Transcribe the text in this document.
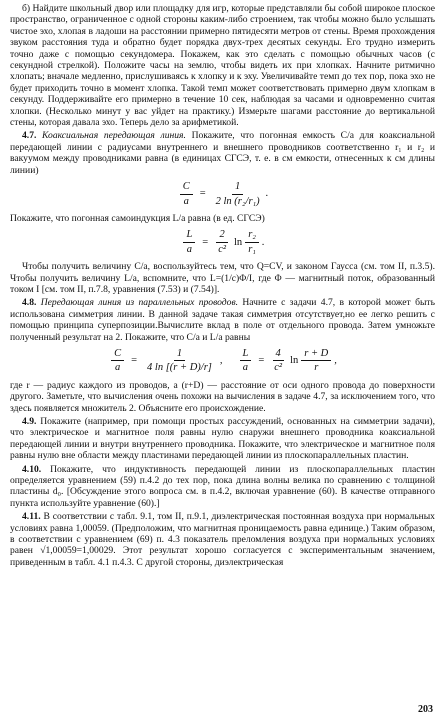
б) Найдите школьный двор или площадку для игр, которые представляли бы собой широкое плоское пространство, ограниченное с одной стороны каким-либо строением, так чтобы можно было услышать чистое эхо, хлопая в ладоши на расстоянии примерно пятидесяти метров от стены. Время прохождения звуком расстояния туда и обратно будет порядка двух-трех десятых секунды. Его трудно измерить точно даже с помощью секундомера. Покажем, как это сделать с помощью обычных часов (с секундной стрелкой). Положите часы на землю, чтобы видеть их при хлопках. Начните ритмично хлопать; вначале медленно, прислушиваясь к хлопку и к эху. Увеличивайте темп до тех пор, пока эхо не будет приходить точно в момент хлопка. Такой темп может соответствовать примерно двум хлопкам в секунду. Поддерживайте его примерно в течение 10 сек, наблюдая за часами и одновременно считая хлопки. (Несколько минут у вас уйдет на практику.) Измерьте шагами расстояние до вертикальной стены, которая давала эхо. Теперь дело за арифметикой.

4.7. Коаксиальная передающая линия. Покажите, что погонная емкость C/a для коаксиальной передающей линии с радиусами внутреннего и внешнего проводников соответственно r₁ и r₂ и вакуумом между проводниками равна (в единицах СГСЭ, т. е. в см емкости, отнесенных к см длины линии)

$\frac{C}{a} = \frac{1}{\text{2 ln (r₂/r₁)}}$ .

Покажите, что погонная самоиндукция L/a равна (в ед. СГСЭ)

$\frac{L}{a} = \frac{2}{\text{c²}}$ $\ln \frac{\text{r₂}}{\text{r₁}}$ .

Чтобы получить величину C/a, воспользуйтесь тем, что Q=CV, и законом Гаусса (см. том II, п.3.5). Чтобы получить величину L/a, вспомните, что L=(1/c)Φ/I, где Φ — магнитный поток, образованный током I [см. том II, п.7.8, уравнения (7.53) и (7.54)].

4.8. Передающая линия из параллельных проводов. Начните с задачи 4.7, в которой может быть использована симметрия линии. В данной задаче такая симметрия отсутствует,но ее легко решить с помощью принципа суперпозиции.Вычислите вклад в поле от отдельного провода. Затем умножьте полученный результат на 2. Покажите, что C/a и L/a равны

$\frac{C}{a} = \frac{1}{4 \ln [(r + D)/r]}$ , $\frac{L}{a} = \frac{4}{\text{c²}}$ $\ln \frac{r + D}{r}$ ,

где r — радиус каждого из проводов, а (r+D) — расстояние от оси одного провода до поверхности другого. Заметьте, что вычисления очень похожи на вычисления в задаче 4.7, за исключением того, что здесь появляется множитель 2. Объясните его происхождение.

4.9. Покажите (например, при помощи простых рассуждений, основанных на симметрии задачи), что электрическое и магнитное поля равны нулю снаружи внешнего проводника коаксиальной передающей линии и внутри внутреннего проводника. Покажите, что электрическое и магнитное поля равны нулю вне области между пластинами передающей линии из плоскопараллельных пластин.

4.10. Покажите, что индуктивность передающей линии из плоскопараллельных пластин определяется уравнением (59) п.4.2 до тех пор, пока длина волны велика по сравнению с толщиной пластины d₀. [Обсуждение этого вопроса см. в п.4.2, включая уравнение (60). В качестве отправного пункта используйте уравнение (60).]

4.11. В соответствии с табл. 9.1, том II, п.9.1, диэлектрическая постоянная воздуха при нормальных условиях равна 1,00059. (Предположим, что магнитная проницаемость равна единице.) Таким образом, в соответствии с уравнением (69) п. 4.3 показатель преломления воздуха при нормальных условиях равен √1,00059=1,00029. Этот результат хорошо согласуется с экспериментальным значением, приведенным в табл. 4.1 п.4.3. С другой стороны, диэлектрическая

203
